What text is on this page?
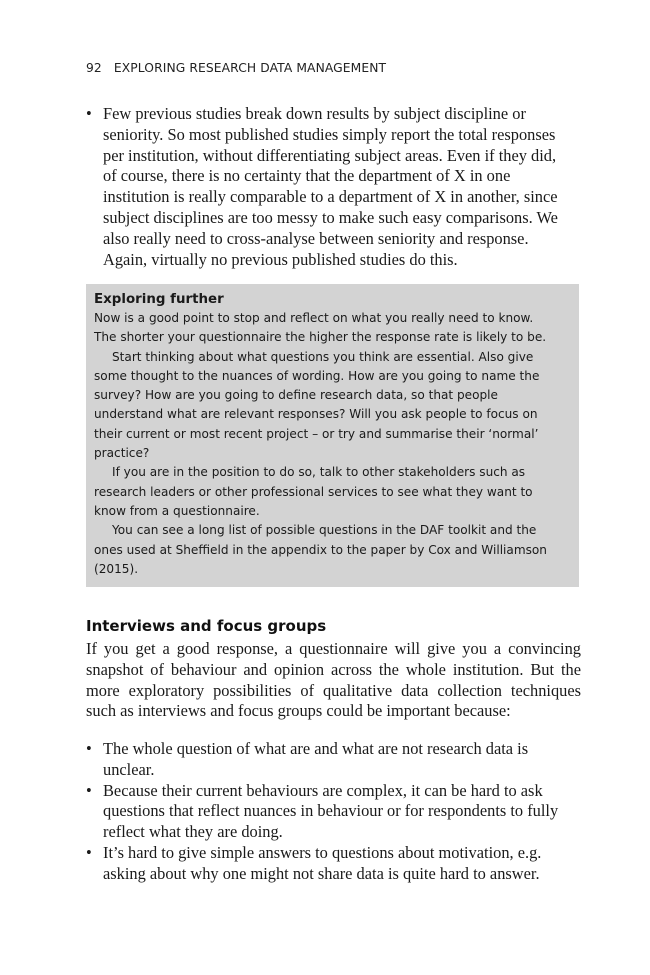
92 EXPLORING RESEARCH DATA MANAGEMENT
• Few previous studies break down results by subject discipline or
seniority. So most published studies simply report the total responses
per institution, without differentiating subject areas. Even if they did,
of course, there is no certainty that the department of X in one
institution is really comparable to a department of X in another, since
subject disciplines are too messy to make such easy comparisons. We
also really need to cross-analyse between seniority and response.
Again, virtually no previous published studies do this.
Exploring further
Now is a good point to stop and reflect on what you really need to know.
The shorter your questionnaire the higher the response rate is likely to be.
Start thinking about what questions you think are essential. Also give
some thought to the nuances of wording. How are you going to name the
survey? How are you going to define research data, so that people
understand what are relevant responses? Will you ask people to focus on
their current or most recent project – or try and summarise their ‘normal’
practice?
If you are in the position to do so, talk to other stakeholders such as
research leaders or other professional services to see what they want to
know from a questionnaire.
You can see a long list of possible questions in the DAF toolkit and the
ones used at Sheffield in the appendix to the paper by Cox and Williamson
(2015).
Interviews and focus groups

If you get a good response, a questionnaire will give you a convincing snapshot of behaviour and opinion across the whole institution. But the more exploratory possibilities of qualitative data collection techniques such as interviews and focus groups could be important because:

• The whole question of what are and what are not research data is
unclear.
• Because their current behaviours are complex, it can be hard to ask
questions that reflect nuances in behaviour or for respondents to fully
reflect what they are doing.
• It’s hard to give simple answers to questions about motivation, e.g.
asking about why one might not share data is quite hard to answer.
